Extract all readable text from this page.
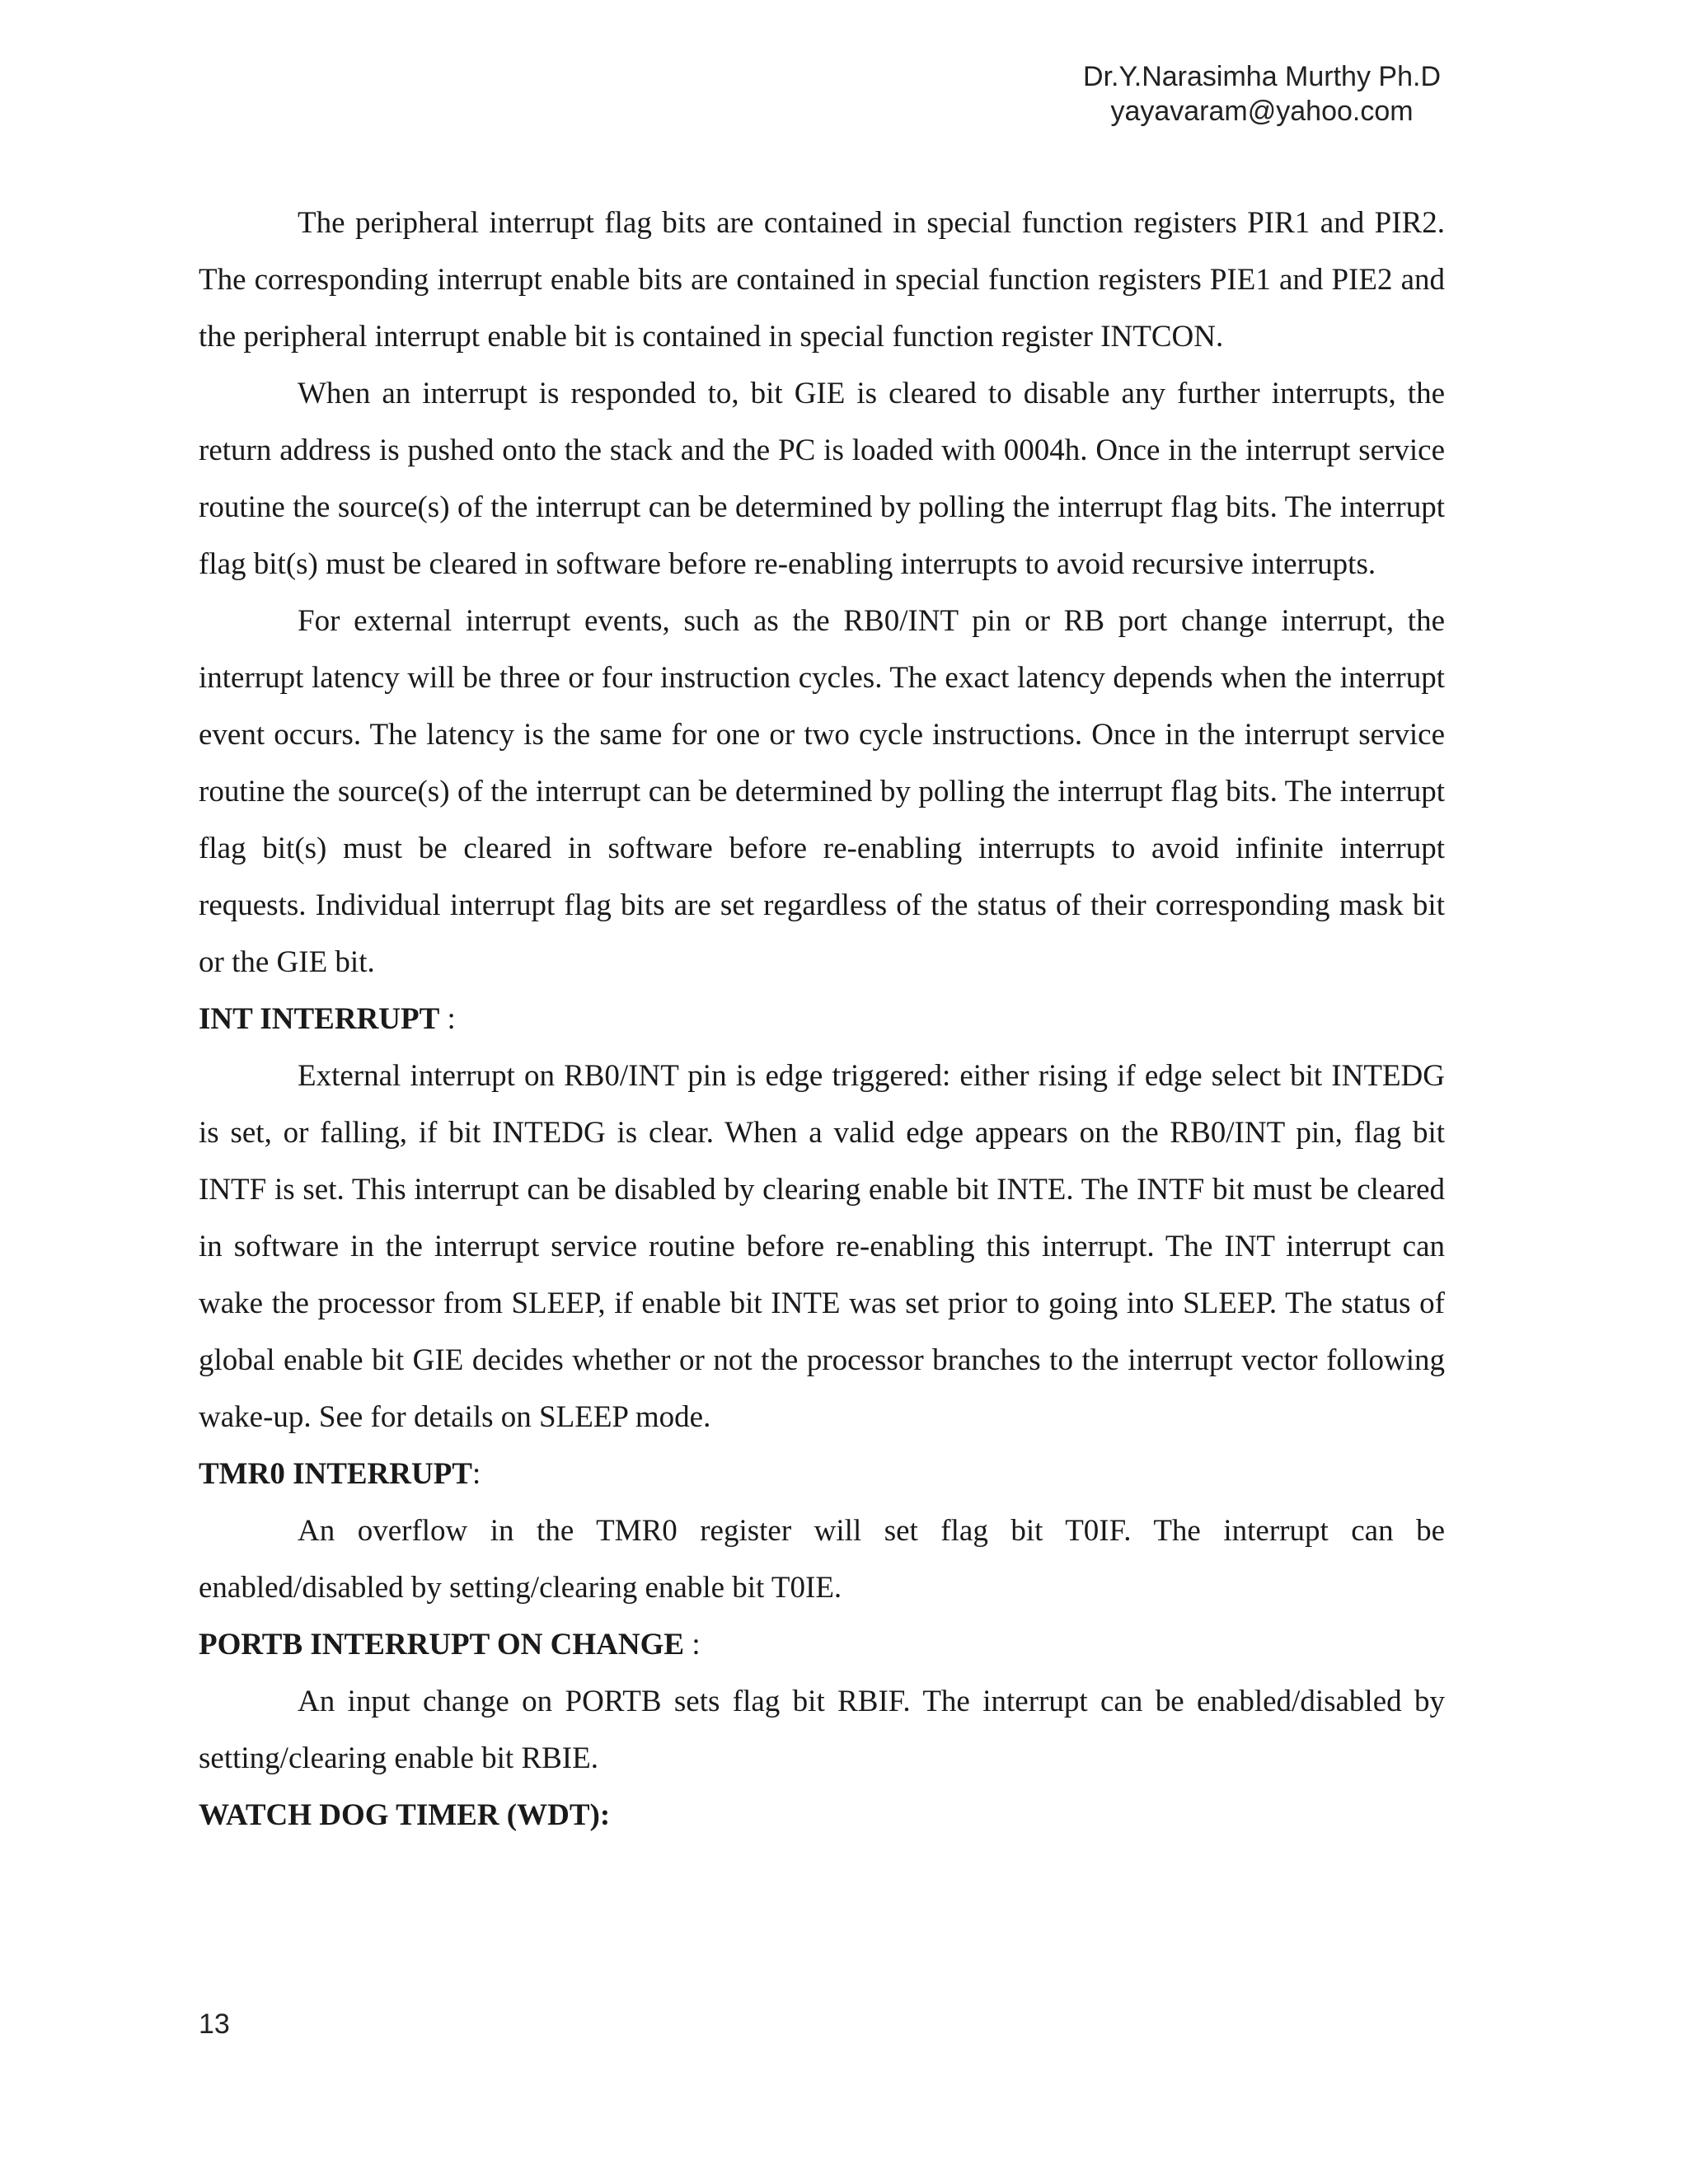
Dr.Y.Narasimha Murthy Ph.D
yayavaram@yahoo.com

The peripheral interrupt flag bits are contained in special function registers PIR1 and PIR2. The corresponding interrupt enable bits are contained in special function registers PIE1 and PIE2 and the peripheral interrupt enable bit is contained in special function register INTCON.

When an interrupt is responded to, bit GIE is cleared to disable any further interrupts, the return address is pushed onto the stack and the PC is loaded with 0004h. Once in the interrupt service routine the source(s) of the interrupt can be determined by polling the interrupt flag bits. The interrupt flag bit(s) must be cleared in software before re-enabling interrupts to avoid recursive interrupts.

For external interrupt events, such as the RB0/INT pin or RB port change interrupt, the interrupt latency will be three or four instruction cycles. The exact latency depends when the interrupt event occurs. The latency is the same for one or two cycle instructions. Once in the interrupt service routine the source(s) of the interrupt can be determined by polling the interrupt flag bits. The interrupt flag bit(s) must be cleared in software before re-enabling interrupts to avoid infinite interrupt requests. Individual interrupt flag bits are set regardless of the status of their corresponding mask bit or the GIE bit.

INT INTERRUPT :

External interrupt on RB0/INT pin is edge triggered: either rising if edge select bit INTEDG is set, or falling, if bit INTEDG is clear. When a valid edge appears on the RB0/INT pin, flag bit INTF is set. This interrupt can be disabled by clearing enable bit INTE. The INTF bit must be cleared in software in the interrupt service routine before re-enabling this interrupt. The INT interrupt can wake the processor from SLEEP, if enable bit INTE was set prior to going into SLEEP. The status of global enable bit GIE decides whether or not the processor branches to the interrupt vector following wake-up. See for details on SLEEP mode.

TMR0 INTERRUPT:

An overflow in the TMR0 register will set flag bit T0IF. The interrupt can be enabled/disabled by setting/clearing enable bit T0IE.

PORTB INTERRUPT ON CHANGE :

An input change on PORTB sets flag bit RBIF. The interrupt can be enabled/disabled by setting/clearing enable bit RBIE.

WATCH DOG TIMER (WDT):

13
